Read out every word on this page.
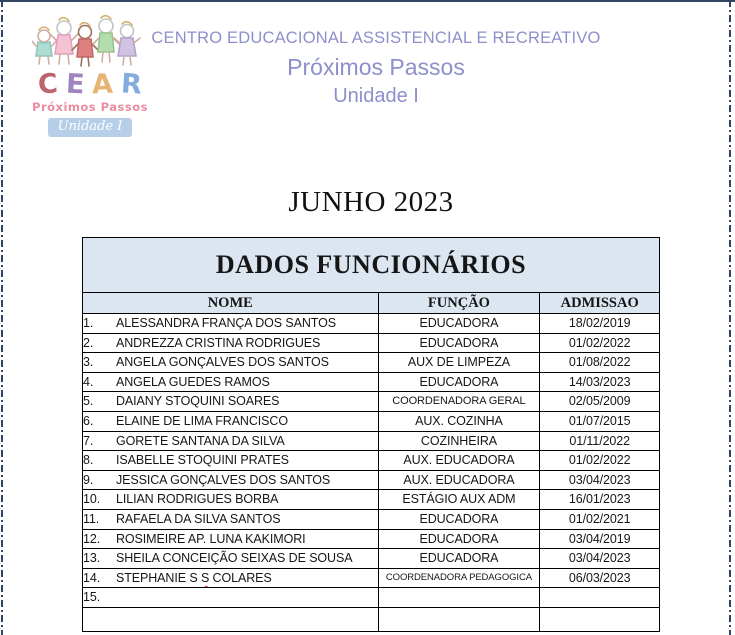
C E A R
Próximos Passos
Unidade I
CENTRO EDUCACIONAL ASSISTENCIAL E RECREATIVO
Próximos Passos
Unidade I
JUNHO 2023
DADOS FUNCIONÁRIOS		
NOME	FUNÇÃO	ADMISSAO
1. ALESSANDRA FRANÇA DOS SANTOS	EDUCADORA	18/02/2019
2. ANDREZZA CRISTINA RODRIGUES	EDUCADORA	01/02/2022
3. ANGELA GONÇALVES DOS SANTOS	AUX DE LIMPEZA	01/08/2022
4. ANGELA GUEDES RAMOS	EDUCADORA	14/03/2023
5. DAIANY STOQUINI SOARES	COORDENADORA GERAL	02/05/2009
6. ELAINE DE LIMA FRANCISCO	AUX. COZINHA	01/07/2015
7. GORETE SANTANA DA SILVA	COZINHEIRA	01/11/2022
8. ISABELLE STOQUINI PRATES	AUX. EDUCADORA	01/02/2022
9. JESSICA GONÇALVES DOS SANTOS	AUX. EDUCADORA	03/04/2023
10. LILIAN RODRIGUES BORBA	ESTÁGIO AUX ADM	16/01/2023
11. RAFAELA DA SILVA SANTOS	EDUCADORA	01/02/2021
12. ROSIMEIRE AP. LUNA KAKIMORI	EDUCADORA	03/04/2019
13. SHEILA CONCEIÇÃO SEIXAS DE SOUSA	EDUCADORA	03/04/2023
14. STEPHANIE S S COLARES	COORDENADORA PEDAGOGICA	06/03/2023
15.		
